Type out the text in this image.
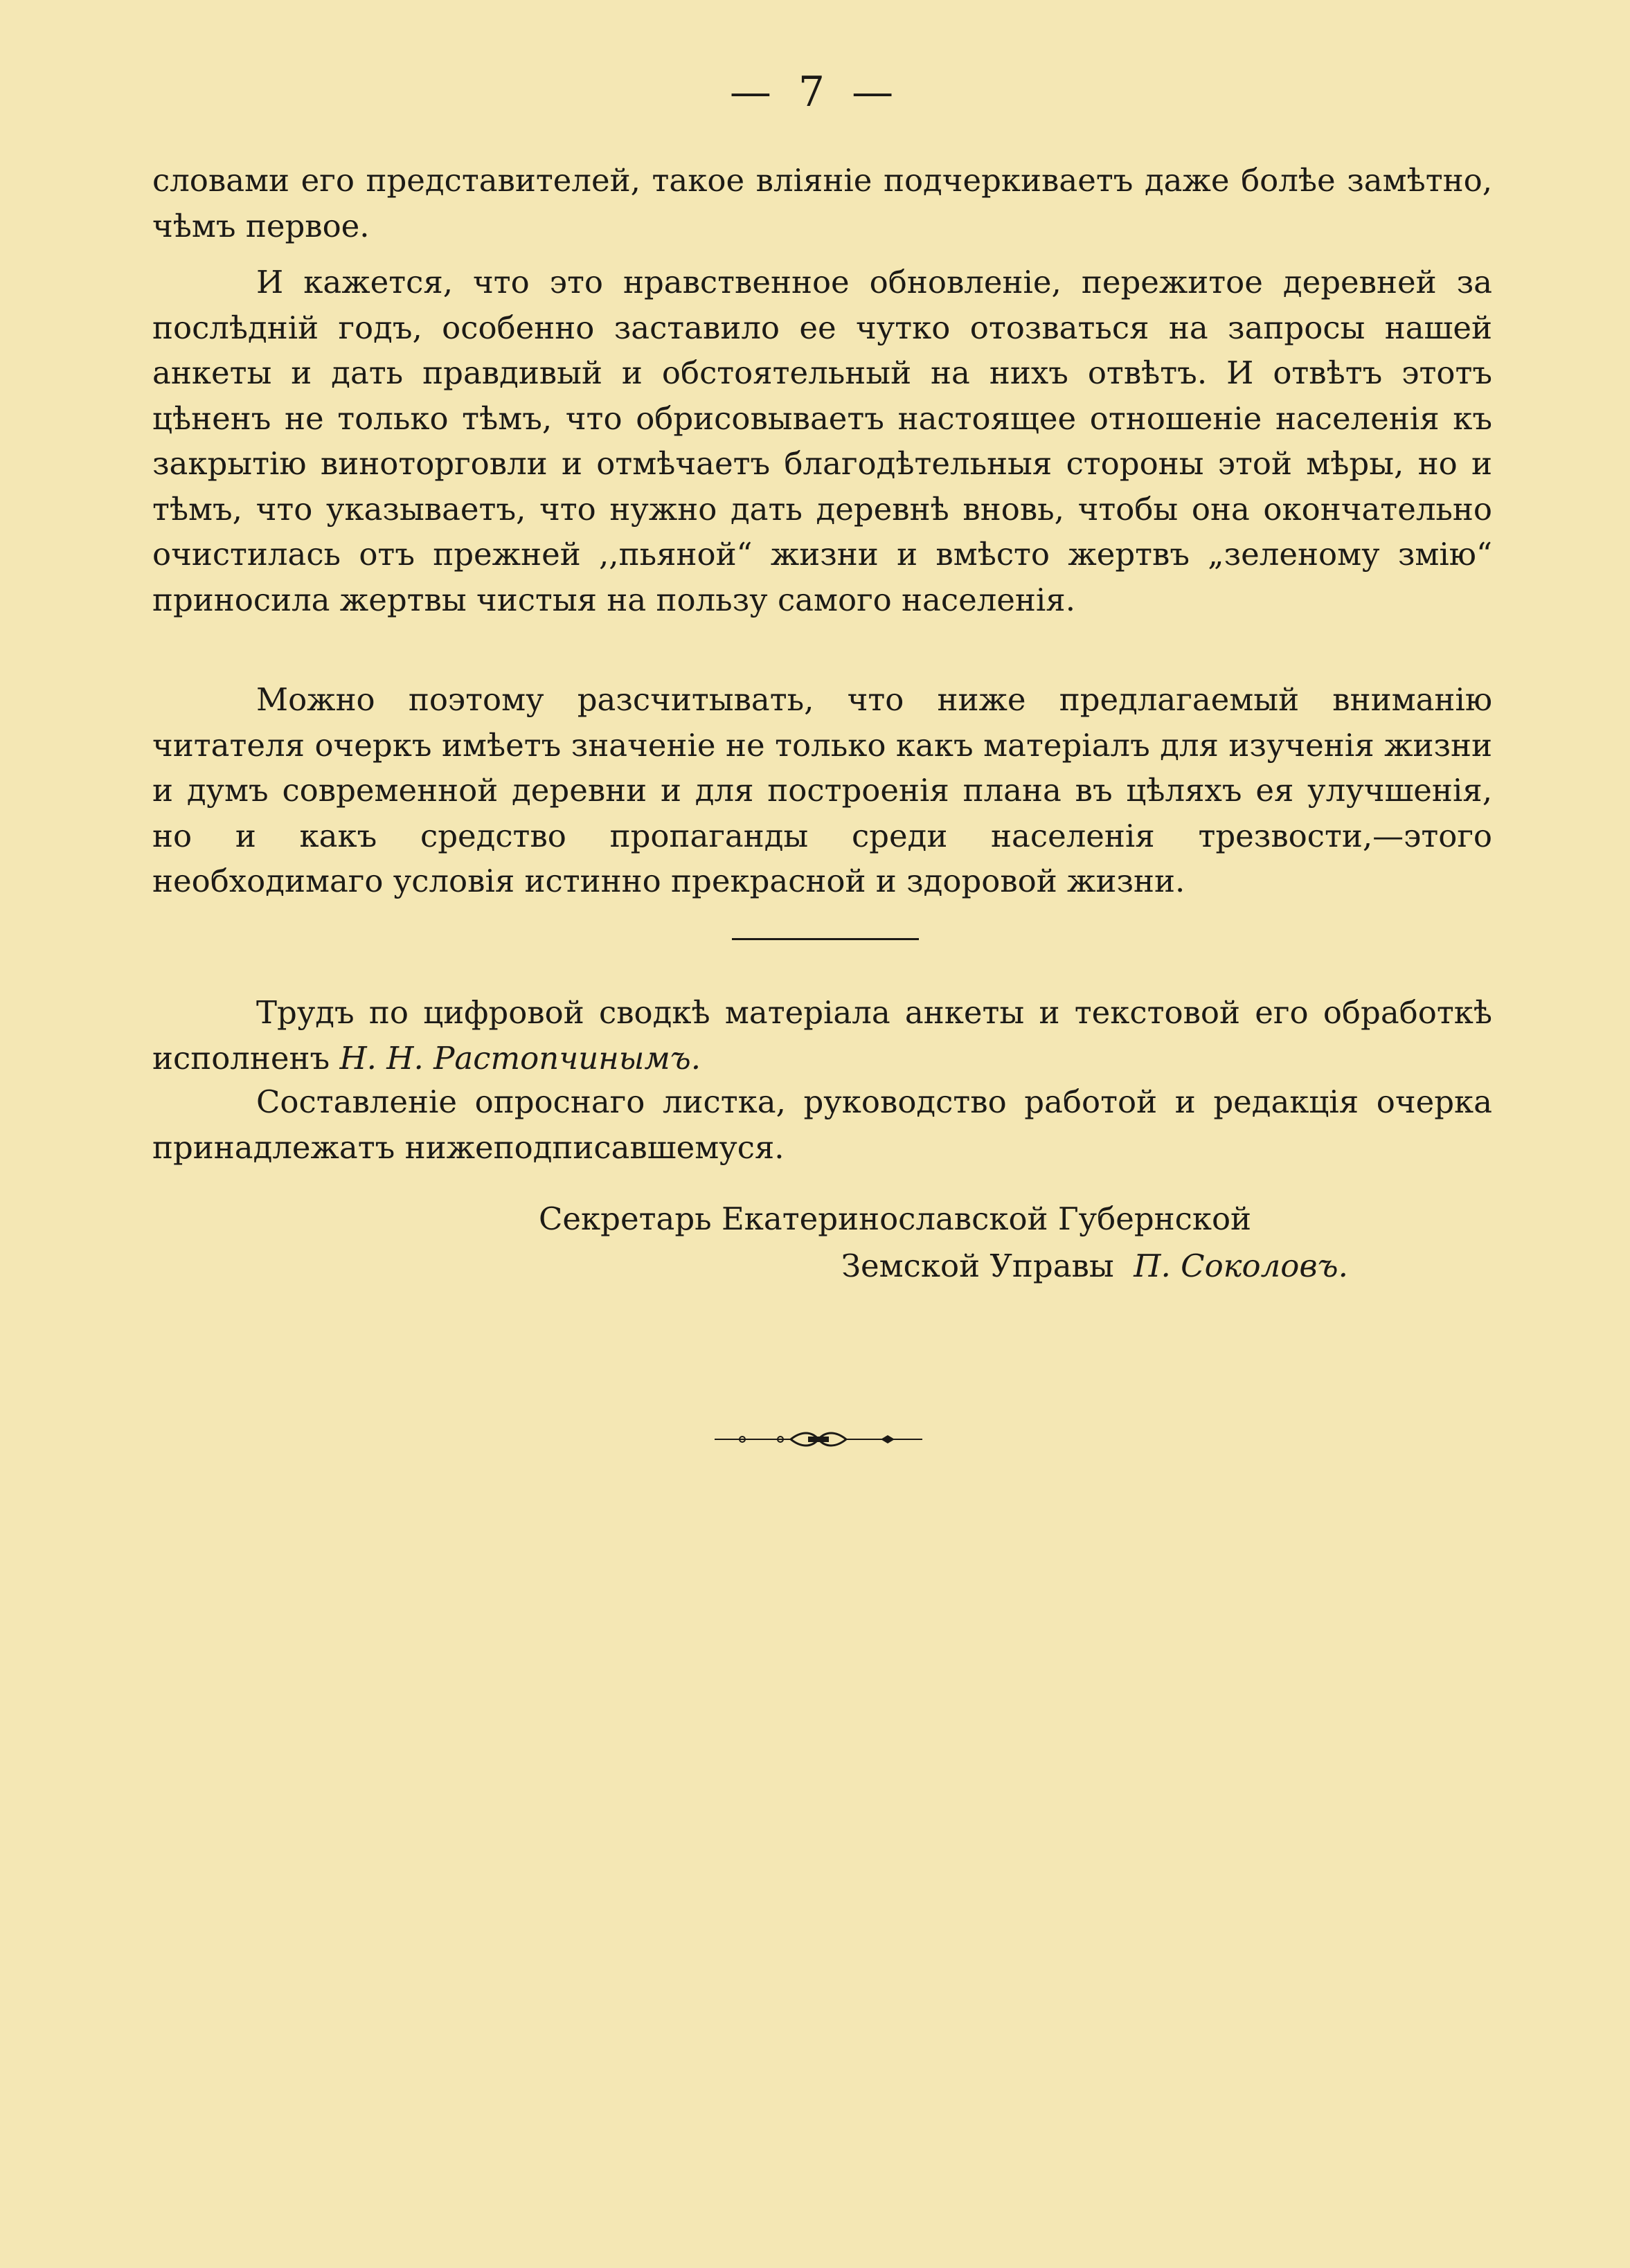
— 7 —

словами его представителей, такое вліяніе подчеркиваетъ даже болѣе замѣтно, чѣмъ первое.

И кажется, что это нравственное обновленіе, пережитое деревней за послѣдній годъ, особенно заставило ее чутко отозваться на запросы нашей анкеты и дать правдивый и обстоятельный на нихъ отвѣтъ. И отвѣтъ этотъ цѣненъ не только тѣмъ, что обрисовываетъ настоящее отношеніе населенія къ закрытію виноторговли и отмѣчаетъ благодѣтельныя стороны этой мѣры, но и тѣмъ, что указываетъ, что нужно дать деревнѣ вновь, чтобы она окончательно очистилась отъ прежней ,,пьяной“ жизни и вмѣсто жертвъ „зеленому змію“ приносила жертвы чистыя на пользу самого населенія.

Можно поэтому разсчитывать, что ниже предлагаемый вниманію читателя очеркъ имѣетъ значеніе не только какъ матеріалъ для изученія жизни и думъ современной деревни и для построенія плана въ цѣляхъ ея улучшенія, но и какъ средство пропаганды среди населенія трезвости,—этого необходимаго условія истинно прекрасной и здоровой жизни.

Трудъ по цифровой сводкѣ матеріала анкеты и текстовой его обработкѣ исполненъ Н. Н. Растопчинымъ.

Составленіе опроснаго листка, руководство работой и редакція очерка принадлежатъ нижеподписавшемуся.

Секретарь Екатеринославской Губернской

Земской Управы П. Соколовъ.
